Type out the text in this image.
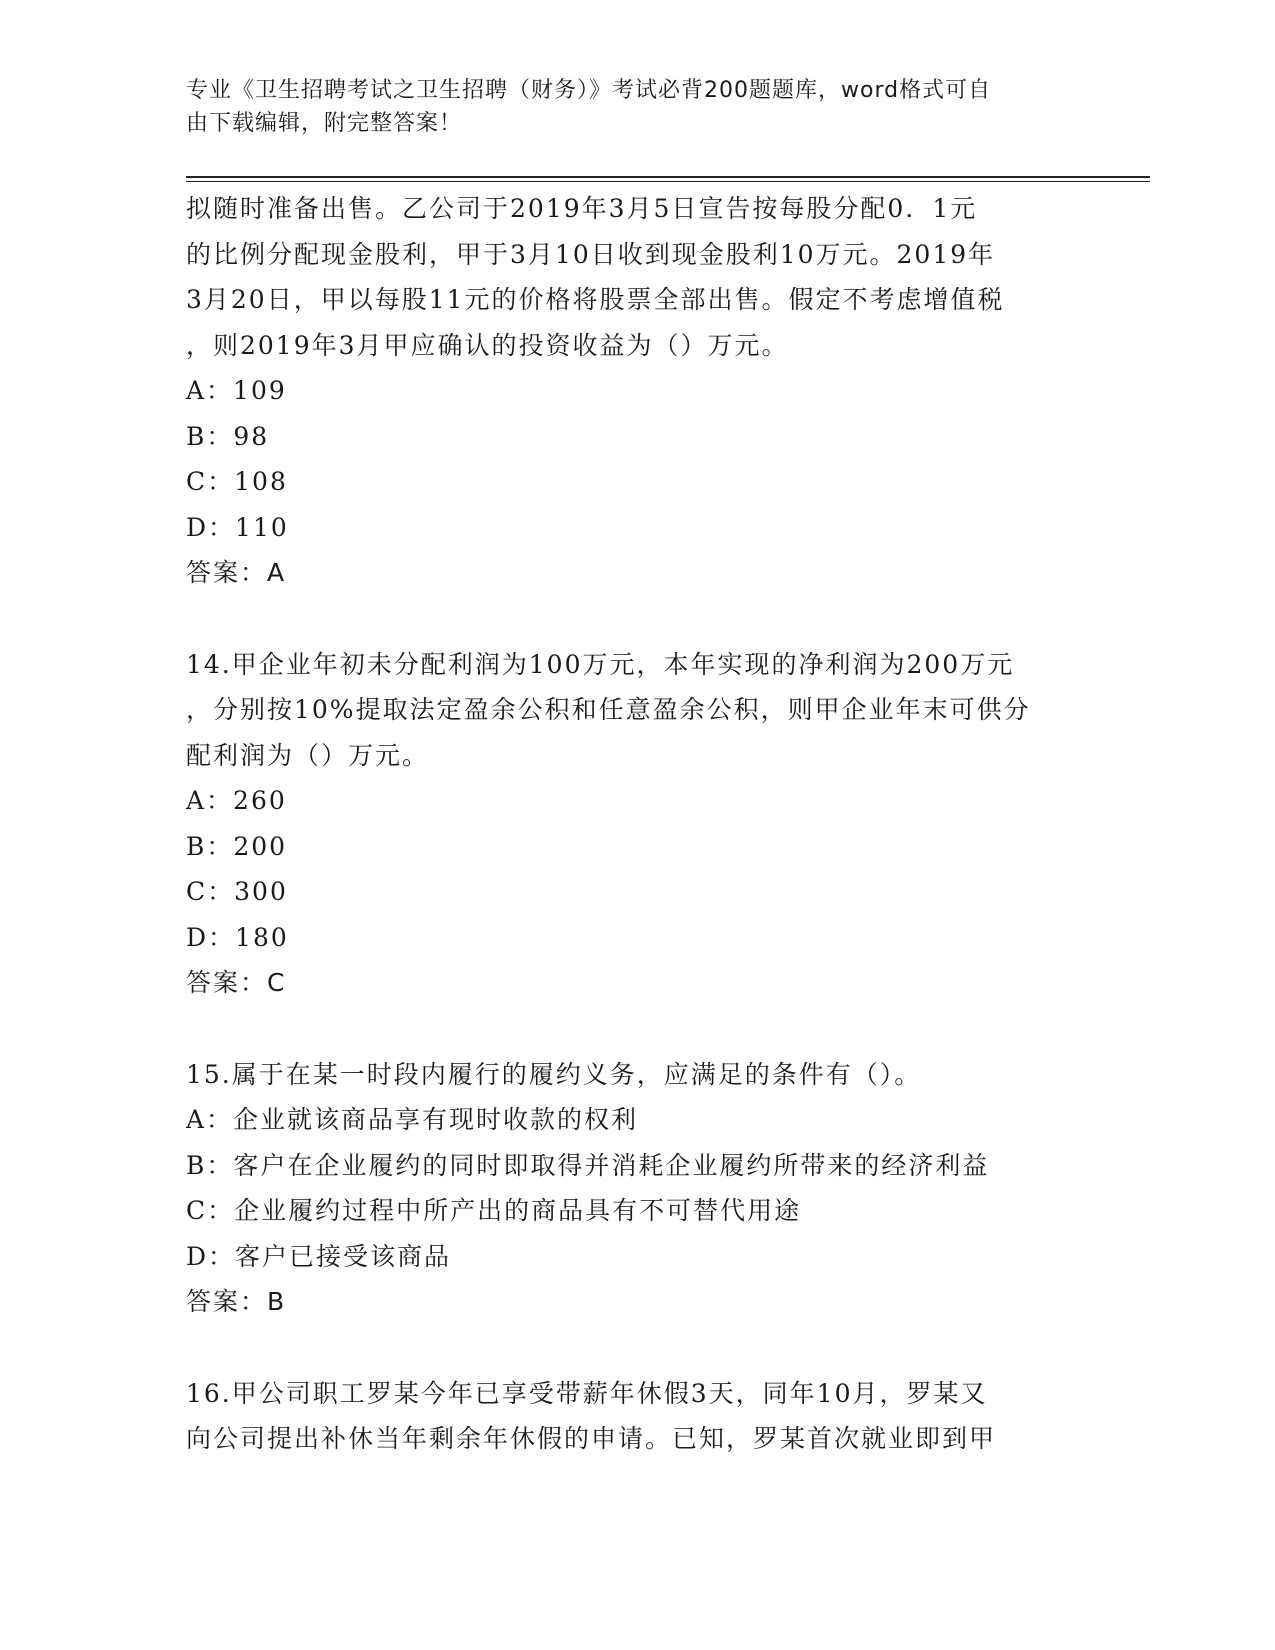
专业《卫生招聘考试之卫生招聘（财务）》考试必背200题题库，word格式可自
由下载编辑，附完整答案！
拟随时准备出售。乙公司于2019年3月5日宣告按每股分配0．1元
的比例分配现金股利，甲于3月10日收到现金股利10万元。2019年
3月20日，甲以每股11元的价格将股票全部出售。假定不考虑增值税
，则2019年3月甲应确认的投资收益为（）万元。
A：109
B：98
C：108
D：110
答案：A
14.甲企业年初未分配利润为100万元，本年实现的净利润为200万元
，分别按10%提取法定盈余公积和任意盈余公积，则甲企业年末可供分
配利润为（）万元。
A：260
B：200
C：300
D：180
答案：C
15.属于在某一时段内履行的履约义务，应满足的条件有（）。
A：企业就该商品享有现时收款的权利
B：客户在企业履约的同时即取得并消耗企业履约所带来的经济利益
C：企业履约过程中所产出的商品具有不可替代用途
D：客户已接受该商品
答案：B
16.甲公司职工罗某今年已享受带薪年休假3天，同年10月，罗某又
向公司提出补休当年剩余年休假的申请。已知，罗某首次就业即到甲
